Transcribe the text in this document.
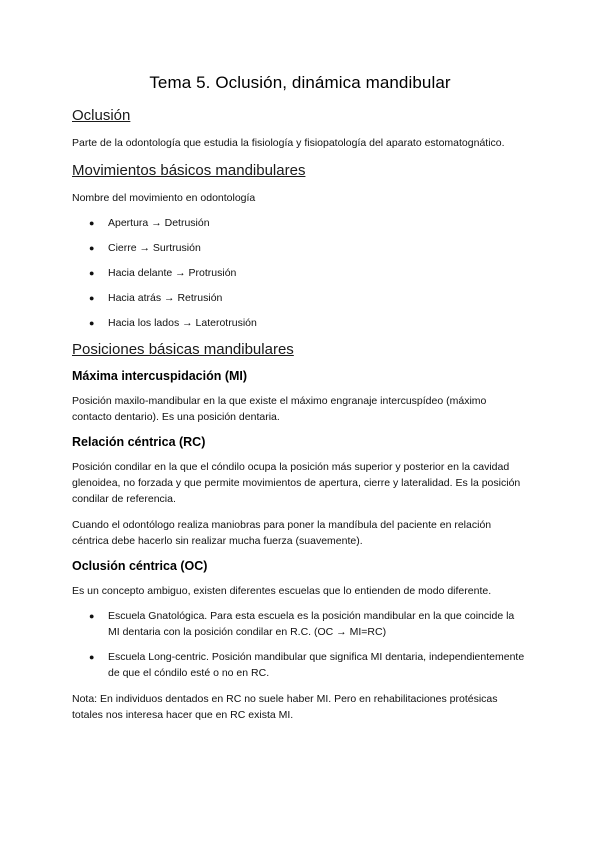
Tema 5. Oclusión, dinámica mandibular
Oclusión

Parte de la odontología que estudia la fisiología y fisiopatología del aparato estomatognático.

Movimientos básicos mandibulares

Nombre del movimiento en odontología

● Apertura → Detrusión
● Cierre → Surtrusión
● Hacia delante → Protrusión
● Hacia atrás → Retrusión
● Hacia los lados → Laterotrusión
Posiciones básicas mandibulares
Máxima intercuspidación (MI)

Posición maxilo-mandibular en la que existe el máximo engranaje intercuspídeo (máximo contacto dentario). Es una posición dentaria.

Relación céntrica (RC)

Posición condilar en la que el cóndilo ocupa la posición más superior y posterior en la cavidad glenoidea, no forzada y que permite movimientos de apertura, cierre y lateralidad. Es la posición condilar de referencia.

Cuando el odontólogo realiza maniobras para poner la mandíbula del paciente en relación céntrica debe hacerlo sin realizar mucha fuerza (suavemente).

Oclusión céntrica (OC)

Es un concepto ambiguo, existen diferentes escuelas que lo entienden de modo diferente.

● Escuela Gnatológica. Para esta escuela es la posición mandibular en la que coincide la MI dentaria con la posición condilar en R.C. (OC → MI=RC)
● Escuela Long-centric. Posición mandibular que significa MI dentaria, independientemente de que el cóndilo esté o no en RC.

Nota: En individuos dentados en RC no suele haber MI. Pero en rehabilitaciones protésicas totales nos interesa hacer que en RC exista MI.
